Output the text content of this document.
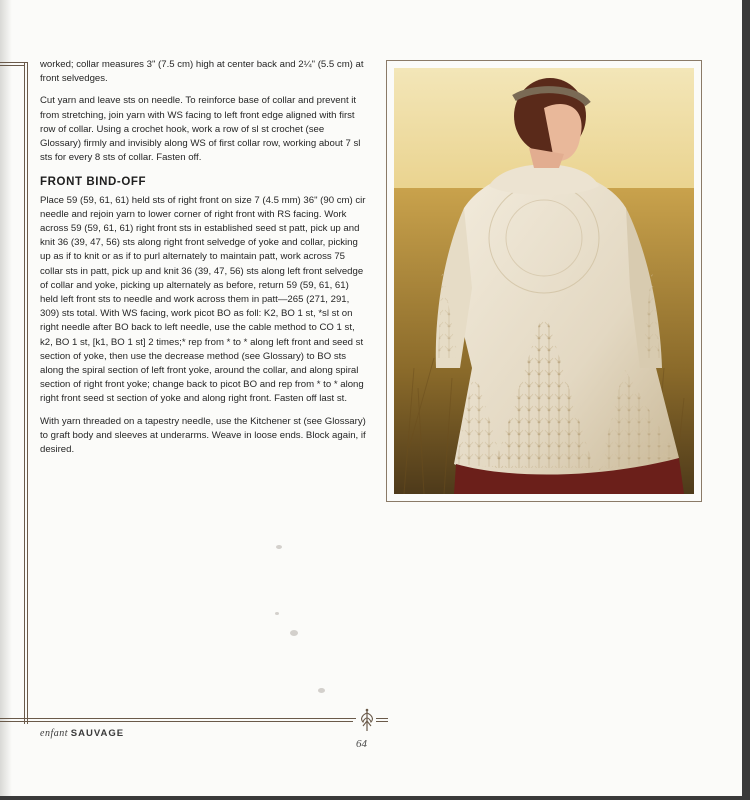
worked; collar measures 3" (7.5 cm) high at center back and 2¼" (5.5 cm) at front selvedges.

Cut yarn and leave sts on needle. To reinforce base of collar and prevent it from stretching, join yarn with WS facing to left front edge aligned with first row of collar. Using a crochet hook, work a row of sl st crochet (see Glossary) firmly and invisibly along WS of first collar row, working about 7 sl sts for every 8 sts of collar. Fasten off.

FRONT BIND-OFF

Place 59 (59, 61, 61) held sts of right front on size 7 (4.5 mm) 36" (90 cm) cir needle and rejoin yarn to lower corner of right front with RS facing. Work across 59 (59, 61, 61) right front sts in established seed st patt, pick up and knit 36 (39, 47, 56) sts along right front selvedge of yoke and collar, picking up as if to knit or as if to purl alternately to maintain patt, work across 75 collar sts in patt, pick up and knit 36 (39, 47, 56) sts along left front selvedge of collar and yoke, picking up alternately as before, return 59 (59, 61, 61) held left front sts to needle and work across them in patt—265 (271, 291, 309) sts total. With WS facing, work picot BO as foll: K2, BO 1 st, *sl st on right needle after BO back to left needle, use the cable method to CO 1 st, k2, BO 1 st, [k1, BO 1 st] 2 times;* rep from * to * along left front and seed st section of yoke, then use the decrease method (see Glossary) to BO sts along the spiral section of left front yoke, around the collar, and along spiral section of right front yoke; change back to picot BO and rep from * to * along right front seed st section of yoke and along right front. Fasten off last st.

With yarn threaded on a tapestry needle, use the Kitchener st (see Glossary) to graft body and sleeves at underarms. Weave in loose ends. Block again, if desired.

enfant SAUVAGE
64
